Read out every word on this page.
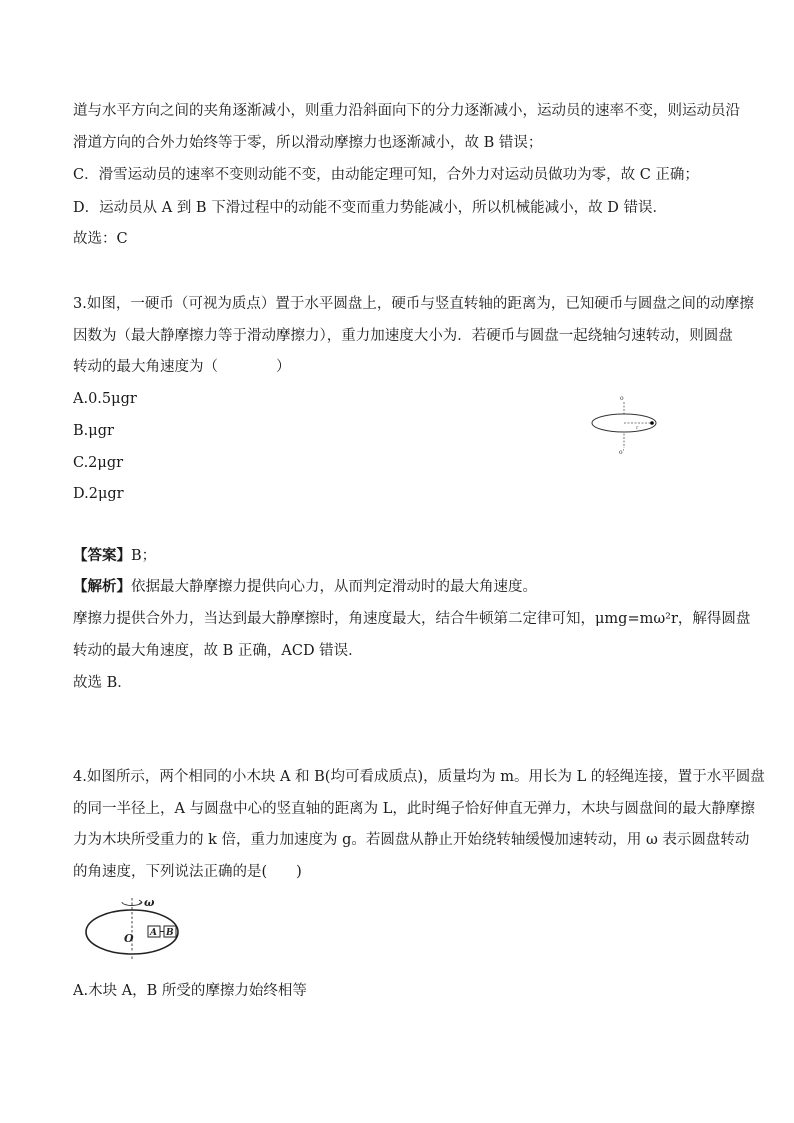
道与水平方向之间的夹角逐渐减小，则重力沿斜面向下的分力逐渐减小，运动员的速率不变，则运动员沿

滑道方向的合外力始终等于零，所以滑动摩擦力也逐渐减小，故 B 错误；

C．滑雪运动员的速率不变则动能不变，由动能定理可知，合外力对运动员做功为零，故 C 正确；

D．运动员从 A 到 B 下滑过程中的动能不变而重力势能减小，所以机械能减小，故 D 错误．

故选：C

3.如图，一硬币（可视为质点）置于水平圆盘上，硬币与竖直转轴的距离为，已知硬币与圆盘之间的动摩擦

因数为（最大静摩擦力等于滑动摩擦力），重力加速度大小为．若硬币与圆盘一起绕轴匀速转动，则圆盘

转动的最大角速度为（　　　　）

A.0.5μgr

B.μgr

C.2μgr

D.2μgr

o
o'
r

【答案】B；

【解析】依据最大静摩擦力提供向心力，从而判定滑动时的最大角速度。

摩擦力提供合外力，当达到最大静摩擦时，角速度最大，结合牛顿第二定律可知，μmg=mω²r，解得圆盘

转动的最大角速度，故 B 正确，ACD 错误．

故选 B．

4.如图所示，两个相同的小木块 A 和 B(均可看成质点)，质量均为 m。用长为 L 的轻绳连接，置于水平圆盘

的同一半径上，A 与圆盘中心的竖直轴的距离为 L，此时绳子恰好伸直无弹力，木块与圆盘间的最大静摩擦

力为木块所受重力的 k 倍，重力加速度为 g。若圆盘从静止开始绕转轴缓慢加速转动，用 ω 表示圆盘转动

的角速度，下列说法正确的是(　　)

ω
O A B

A.木块 A，B 所受的摩擦力始终相等
